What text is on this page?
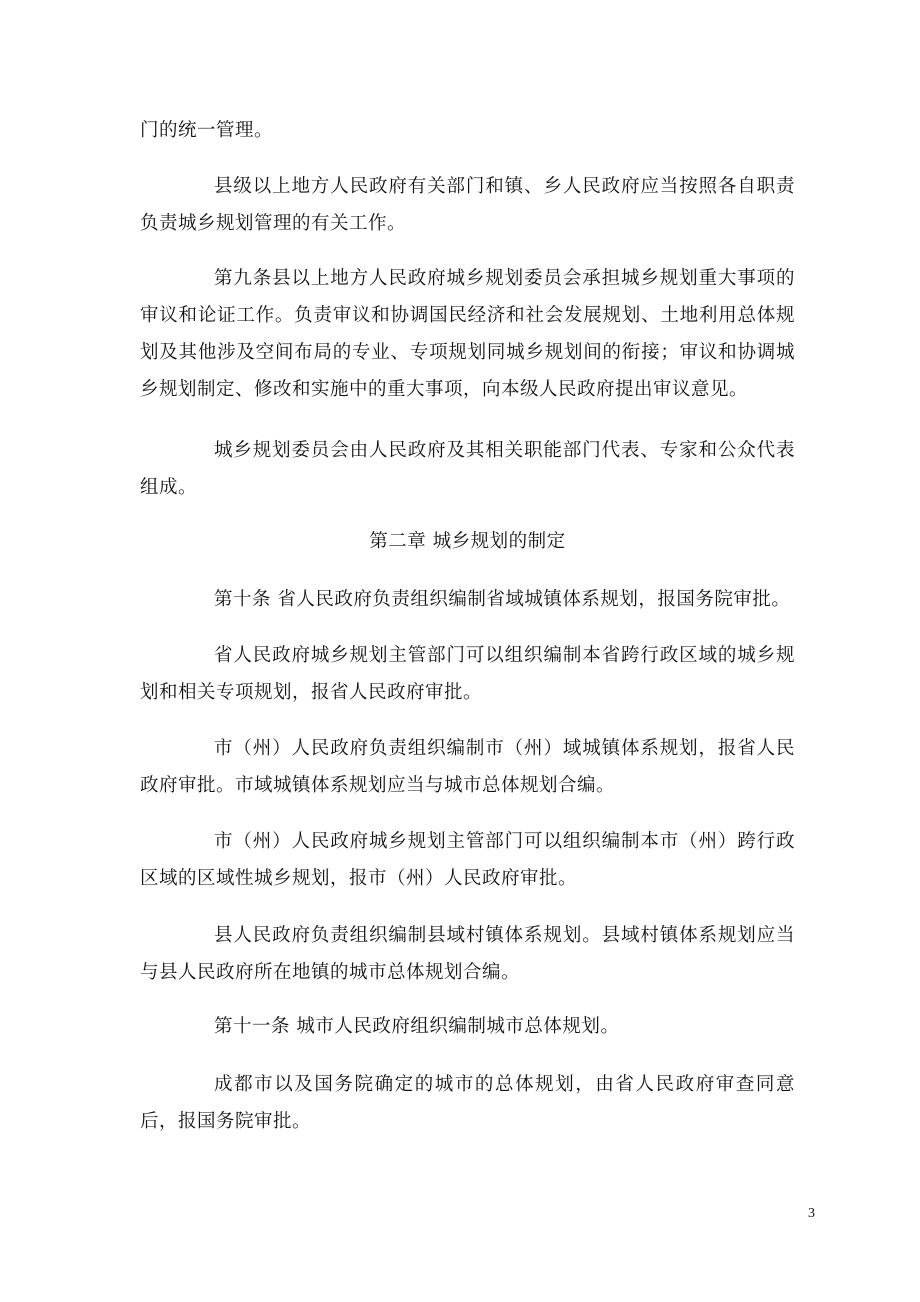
门的统一管理。

县级以上地方人民政府有关部门和镇、乡人民政府应当按照各自职责负责城乡规划管理的有关工作。

第九条县以上地方人民政府城乡规划委员会承担城乡规划重大事项的审议和论证工作。负责审议和协调国民经济和社会发展规划、土地利用总体规划及其他涉及空间布局的专业、专项规划同城乡规划间的衔接；审议和协调城乡规划制定、修改和实施中的重大事项，向本级人民政府提出审议意见。

城乡规划委员会由人民政府及其相关职能部门代表、专家和公众代表组成。

第二章 城乡规划的制定

第十条 省人民政府负责组织编制省域城镇体系规划，报国务院审批。

省人民政府城乡规划主管部门可以组织编制本省跨行政区域的城乡规划和相关专项规划，报省人民政府审批。

市（州）人民政府负责组织编制市（州）域城镇体系规划，报省人民政府审批。市域城镇体系规划应当与城市总体规划合编。

市（州）人民政府城乡规划主管部门可以组织编制本市（州）跨行政区域的区域性城乡规划，报市（州）人民政府审批。

县人民政府负责组织编制县域村镇体系规划。县域村镇体系规划应当与县人民政府所在地镇的城市总体规划合编。

第十一条 城市人民政府组织编制城市总体规划。

成都市以及国务院确定的城市的总体规划，由省人民政府审查同意后，报国务院审批。

3
